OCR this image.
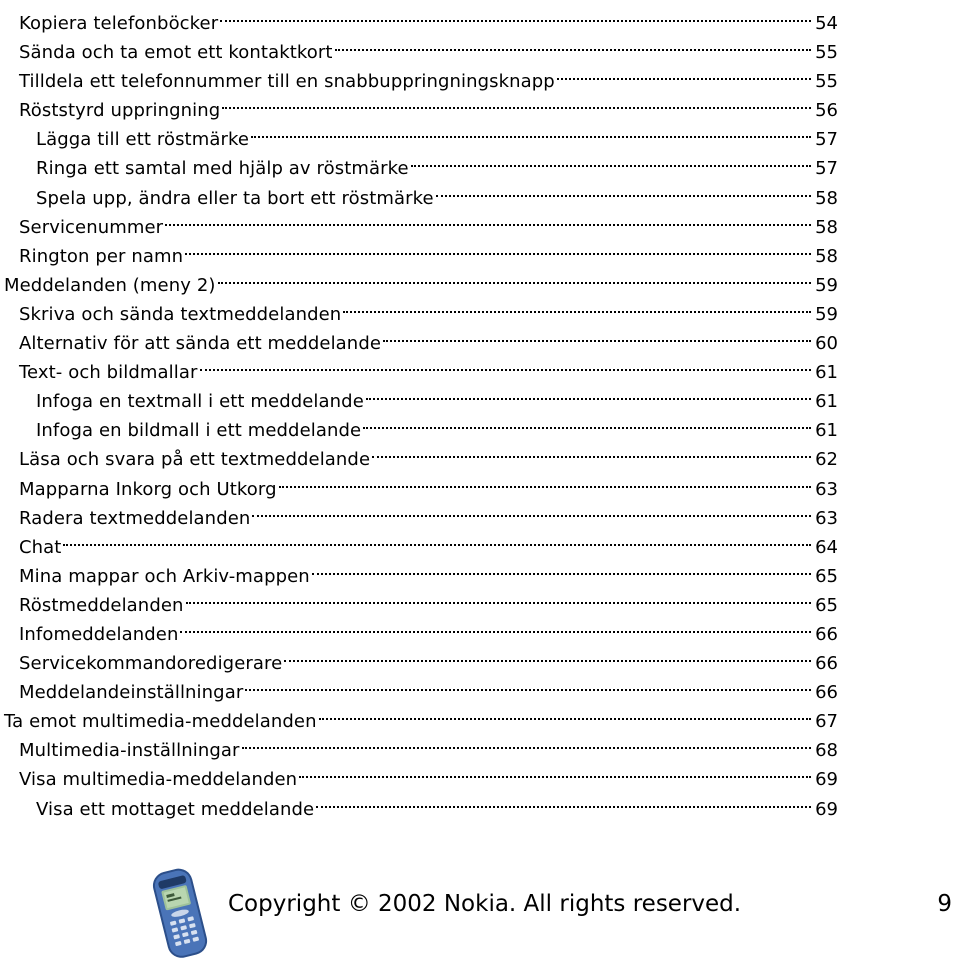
Kopiera telefonböcker	54
Sända och ta emot ett kontaktkort	55
Tilldela ett telefonnummer till en snabbuppringningsknapp	55
Röststyrd uppringning	56
Lägga till ett röstmärke	57
Ringa ett samtal med hjälp av röstmärke	57
Spela upp, ändra eller ta bort ett röstmärke	58
Servicenummer	58
Rington per namn	58
Meddelanden (meny 2)	59
Skriva och sända textmeddelanden	59
Alternativ för att sända ett meddelande	60
Text- och bildmallar	61
Infoga en textmall i ett meddelande	61
Infoga en bildmall i ett meddelande	61
Läsa och svara på ett textmeddelande	62
Mapparna Inkorg och Utkorg	63
Radera textmeddelanden	63
Chat	64
Mina mappar och Arkiv-mappen	65
Röstmeddelanden	65
Infomeddelanden	66
Servicekommandoredigerare	66
Meddelandeinställningar	66
Ta emot multimedia-meddelanden	67
Multimedia-inställningar	68
Visa multimedia-meddelanden	69
Visa ett mottaget meddelande	69
Copyright © 2002 Nokia. All rights reserved.	9
